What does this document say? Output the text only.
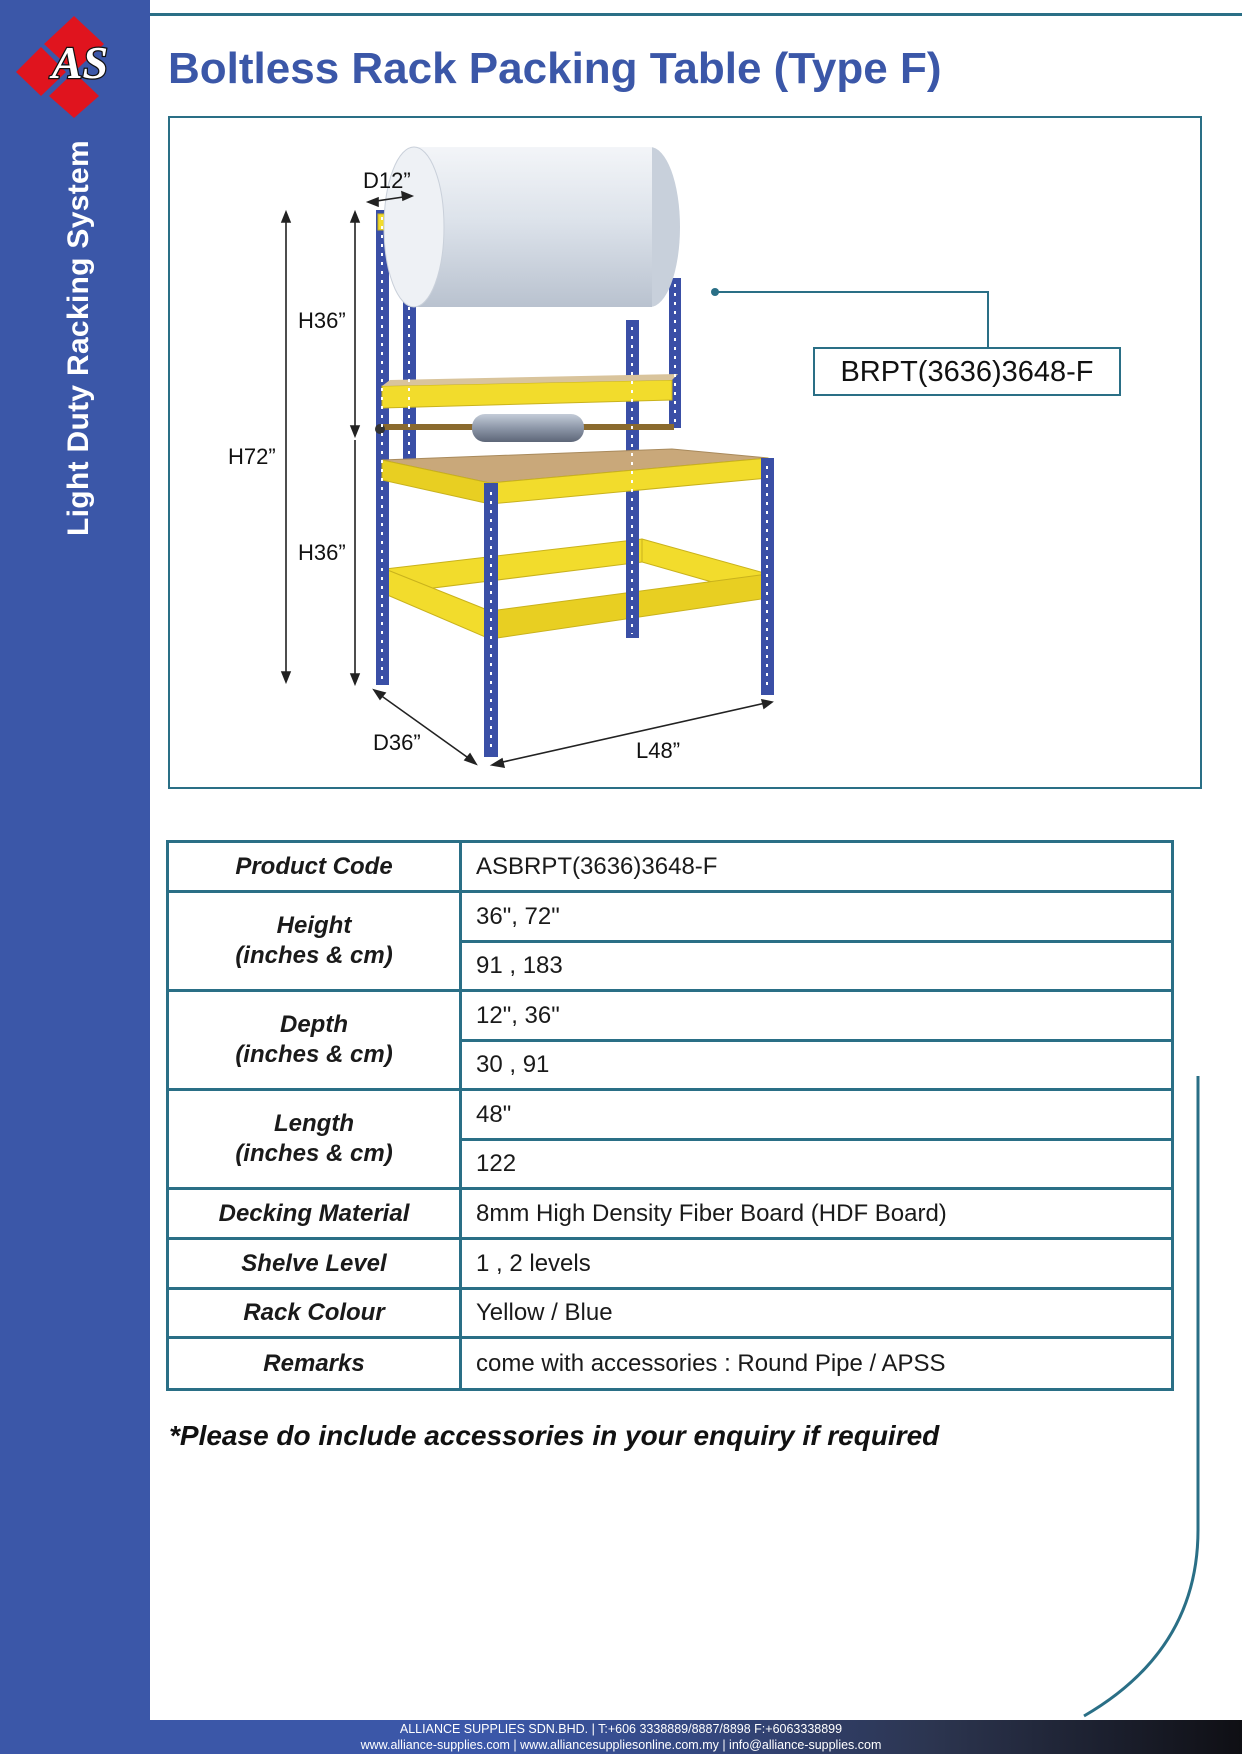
AS
Light Duty Racking System
Boltless Rack Packing Table (Type F)
BRPT(3636)3648-F
D12”
H36”
H72”
H36”
D36”	L48”
Product Code	ASBRPT(3636)3648-F
Height
(inches & cm)	36", 72"
	91 , 183
Depth
(inches & cm)	12", 36"
	30 , 91
Length
(inches & cm)	48"
	122
Decking Material	8mm High Density Fiber Board (HDF Board)
Shelve Level	1 , 2 levels
Rack Colour	Yellow / Blue
Remarks	come with accessories : Round Pipe / APSS
*Please do include accessories in your enquiry if required
ALLIANCE SUPPLIES SDN.BHD. | T:+606 3338889/8887/8898 F:+6063338899
www.alliance-supplies.com | www.alliancesuppliesonline.com.my | info@alliance-supplies.com
